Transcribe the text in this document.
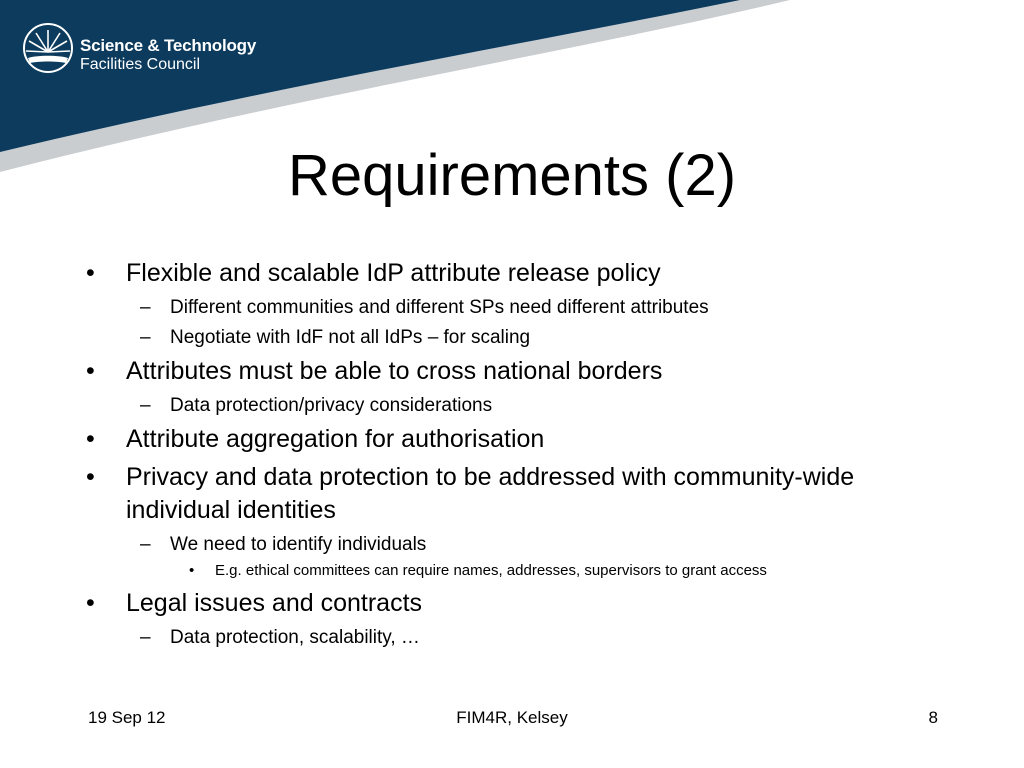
Science & Technology
Facilities Council
Requirements (2)
• Flexible and scalable IdP attribute release policy
– Different communities and different SPs need different attributes
– Negotiate with IdF not all IdPs – for scaling
• Attributes must be able to cross national borders
– Data protection/privacy considerations
• Attribute aggregation for authorisation
• Privacy and data protection to be addressed with community-wide individual identities
– We need to identify individuals
• E.g. ethical committees can require names, addresses, supervisors to grant access
• Legal issues and contracts
– Data protection, scalability, …
19 Sep 12	FIM4R, Kelsey	8
